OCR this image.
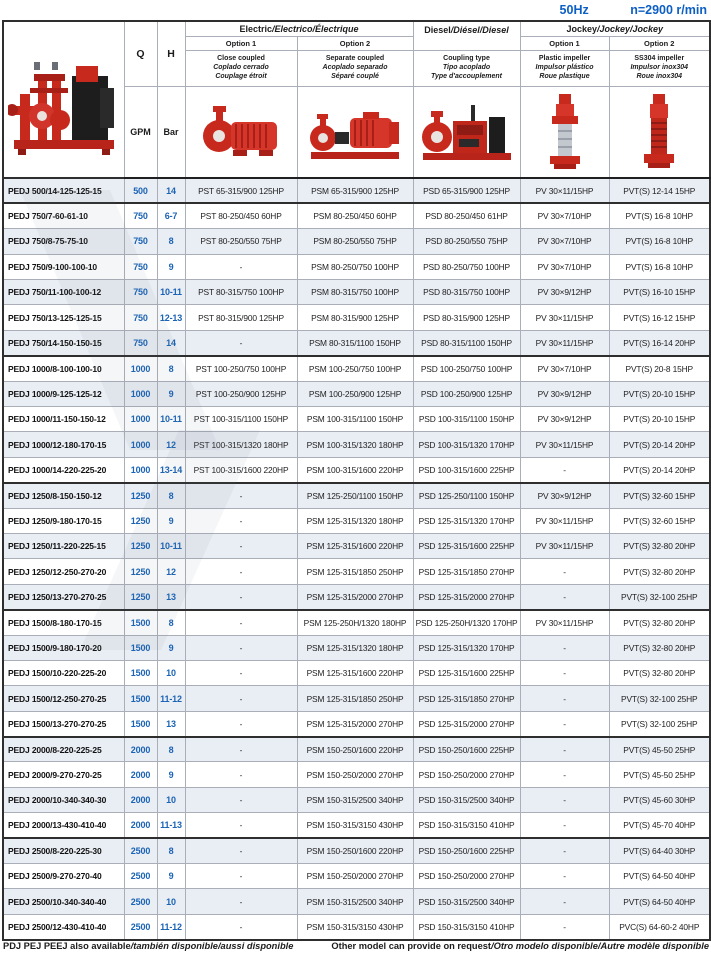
50Hz	n=2900 r/min
	Q	H	Electric/Electrico/Électrique		Diesel/Diésel/Diesel	Jockey/Jockey/Jockey	
			Option 1	Option 2		Option 1	Option 2

			Close coupled
Coplado cerrado
Couplage étroit	Separate coupled
Acoplado separado
Séparé couplé	Coupling type
Tipo acoplado
Type d'accouplement	Plastic impeller
Impulsor plástico
Roue plastique	SS304 impeller
Impulsor inox304
Roue inox304

	GPM	Bar	

PEDJ 500/14-125-125-15	500	14	PST 65-315/900 125HP	PSM 65-315/900 125HP	PSD 65-315/900 125HP	PV 30×11/15HP	PVT(S) 12-14 15HP
PEDJ 750/7-60-61-10	750	6-7	PST 80-250/450 60HP	PSM 80-250/450 60HP	PSD 80-250/450 61HP	PV 30×7/10HP	PVT(S) 16-8 10HP
PEDJ 750/8-75-75-10	750	8	PST 80-250/550 75HP	PSM 80-250/550 75HP	PSD 80-250/550 75HP	PV 30×7/10HP	PVT(S) 16-8 10HP
PEDJ 750/9-100-100-10	750	9	-	PSM 80-250/750 100HP	PSD 80-250/750 100HP	PV 30×7/10HP	PVT(S) 16-8 10HP
PEDJ 750/11-100-100-12	750	10-11	PST 80-315/750 100HP	PSM 80-315/750 100HP	PSD 80-315/750 100HP	PV 30×9/12HP	PVT(S) 16-10 15HP
PEDJ 750/13-125-125-15	750	12-13	PST 80-315/900 125HP	PSM 80-315/900 125HP	PSD 80-315/900 125HP	PV 30×11/15HP	PVT(S) 16-12 15HP
PEDJ 750/14-150-150-15	750	14	-	PSM 80-315/1100 150HP	PSD 80-315/1100 150HP	PV 30×11/15HP	PVT(S) 16-14 20HP
PEDJ 1000/8-100-100-10	1000	8	PST 100-250/750 100HP	PSM 100-250/750 100HP	PSD 100-250/750 100HP	PV 30×7/10HP	PVT(S) 20-8 15HP
PEDJ 1000/9-125-125-12	1000	9	PST 100-250/900 125HP	PSM 100-250/900 125HP	PSD 100-250/900 125HP	PV 30×9/12HP	PVT(S) 20-10 15HP
PEDJ 1000/11-150-150-12	1000	10-11	PST 100-315/1100 150HP	PSM 100-315/1100 150HP	PSD 100-315/1100 150HP	PV 30×9/12HP	PVT(S) 20-10 15HP
PEDJ 1000/12-180-170-15	1000	12	PST 100-315/1320 180HP	PSM 100-315/1320 180HP	PSD 100-315/1320 170HP	PV 30×11/15HP	PVT(S) 20-14 20HP
PEDJ 1000/14-220-225-20	1000	13-14	PST 100-315/1600 220HP	PSM 100-315/1600 220HP	PSD 100-315/1600 225HP	-	PVT(S) 20-14 20HP
PEDJ 1250/8-150-150-12	1250	8	-	PSM 125-250/1100 150HP	PSD 125-250/1100 150HP	PV 30×9/12HP	PVT(S) 32-60 15HP
PEDJ 1250/9-180-170-15	1250	9	-	PSM 125-315/1320 180HP	PSD 125-315/1320 170HP	PV 30×11/15HP	PVT(S) 32-60 15HP
PEDJ 1250/11-220-225-15	1250	10-11	-	PSM 125-315/1600 220HP	PSD 125-315/1600 225HP	PV 30×11/15HP	PVT(S) 32-80 20HP
PEDJ 1250/12-250-270-20	1250	12	-	PSM 125-315/1850 250HP	PSD 125-315/1850 270HP	-	PVT(S) 32-80 20HP
PEDJ 1250/13-270-270-25	1250	13	-	PSM 125-315/2000 270HP	PSD 125-315/2000 270HP	-	PVT(S) 32-100 25HP
PEDJ 1500/8-180-170-15	1500	8	-	PSM 125-250H/1320 180HP	PSD 125-250H/1320 170HP	PV 30×11/15HP	PVT(S) 32-80 20HP
PEDJ 1500/9-180-170-20	1500	9	-	PSM 125-315/1320 180HP	PSD 125-315/1320 170HP	-	PVT(S) 32-80 20HP
PEDJ 1500/10-220-225-20	1500	10	-	PSM 125-315/1600 220HP	PSD 125-315/1600 225HP	-	PVT(S) 32-80 20HP
PEDJ 1500/12-250-270-25	1500	11-12	-	PSM 125-315/1850 250HP	PSD 125-315/1850 270HP	-	PVT(S) 32-100 25HP
PEDJ 1500/13-270-270-25	1500	13	-	PSM 125-315/2000 270HP	PSD 125-315/2000 270HP	-	PVT(S) 32-100 25HP
PEDJ 2000/8-220-225-25	2000	8	-	PSM 150-250/1600 220HP	PSD 150-250/1600 225HP	-	PVT(S) 45-50 25HP
PEDJ 2000/9-270-270-25	2000	9	-	PSM 150-250/2000 270HP	PSD 150-250/2000 270HP	-	PVT(S) 45-50 25HP
PEDJ 2000/10-340-340-30	2000	10	-	PSM 150-315/2500 340HP	PSD 150-315/2500 340HP	-	PVT(S) 45-60 30HP
PEDJ 2000/13-430-410-40	2000	11-13	-	PSM 150-315/3150 430HP	PSD 150-315/3150 410HP	-	PVT(S) 45-70 40HP
PEDJ 2500/8-220-225-30	2500	8	-	PSM 150-250/1600 220HP	PSD 150-250/1600 225HP	-	PVT(S) 64-40 30HP
PEDJ 2500/9-270-270-40	2500	9	-	PSM 150-250/2000 270HP	PSD 150-250/2000 270HP	-	PVT(S) 64-50 40HP
PEDJ 2500/10-340-340-40	2500	10	-	PSM 150-315/2500 340HP	PSD 150-315/2500 340HP	-	PVT(S) 64-50 40HP
PEDJ 2500/12-430-410-40	2500	11-12	-	PSM 150-315/3150 430HP	PSD 150-315/3150 410HP	-	PVC(S) 64-60-2 40HP
PDJ PEJ PEEJ also available/también disponible/aussi disponible	Other model can provide on request/Otro modelo disponible/Autre modèle disponible
